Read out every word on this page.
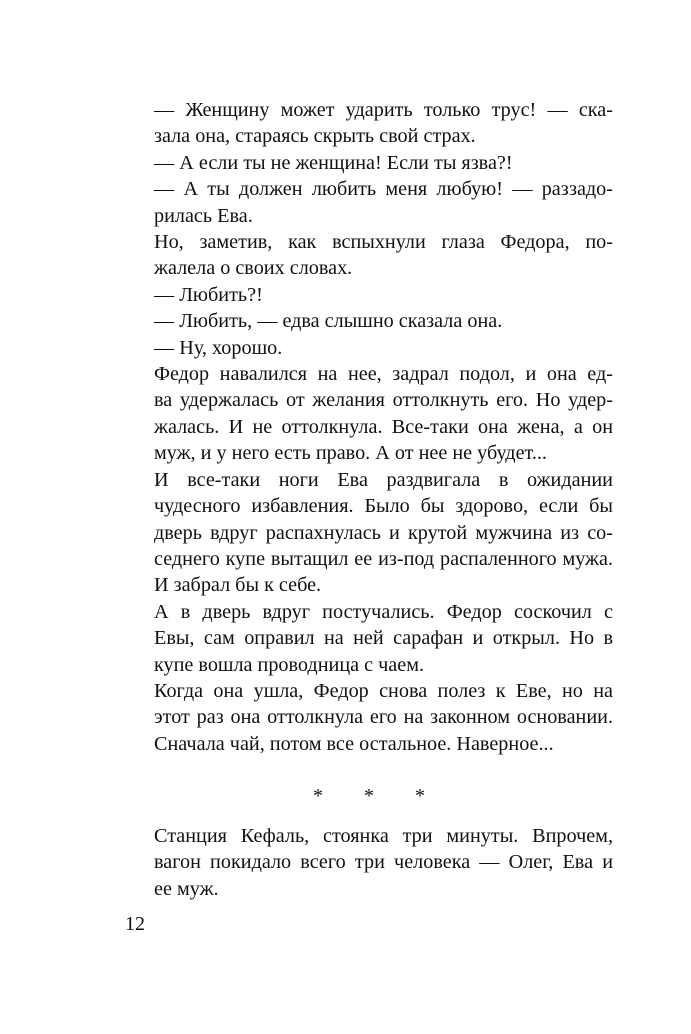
— Женщину может ударить только трус! — ска-
зала она, стараясь скрыть свой страх.

— А если ты не женщина! Если ты язва?!

— А ты должен любить меня любую! — раззадо-
рилась Ева.

Но, заметив, как вспыхнули глаза Федора, по-
жалела о своих словах.

— Любить?!

— Любить, — едва слышно сказала она.

— Ну, хорошо.

Федор навалился на нее, задрал подол, и она ед-
ва удержалась от желания оттолкнуть его. Но удер-
жалась. И не оттолкнула. Все-таки она жена, а он
муж, и у него есть право. А от нее не убудет...

И все-таки ноги Ева раздвигала в ожидании
чудесного избавления. Было бы здорово, если бы
дверь вдруг распахнулась и крутой мужчина из со-
седнего купе вытащил ее из-под распаленного мужа.
И забрал бы к себе.

А в дверь вдруг постучались. Федор соскочил с
Евы, сам оправил на ней сарафан и открыл. Но в
купе вошла проводница с чаем.

Когда она ушла, Федор снова полез к Еве, но на
этот раз она оттолкнула его на законном основании.
Сначала чай, потом все остальное. Наверное...

* * *

Станция Кефаль, стоянка три минуты. Впрочем,
вагон покидало всего три человека — Олег, Ева и
ее муж.

12
